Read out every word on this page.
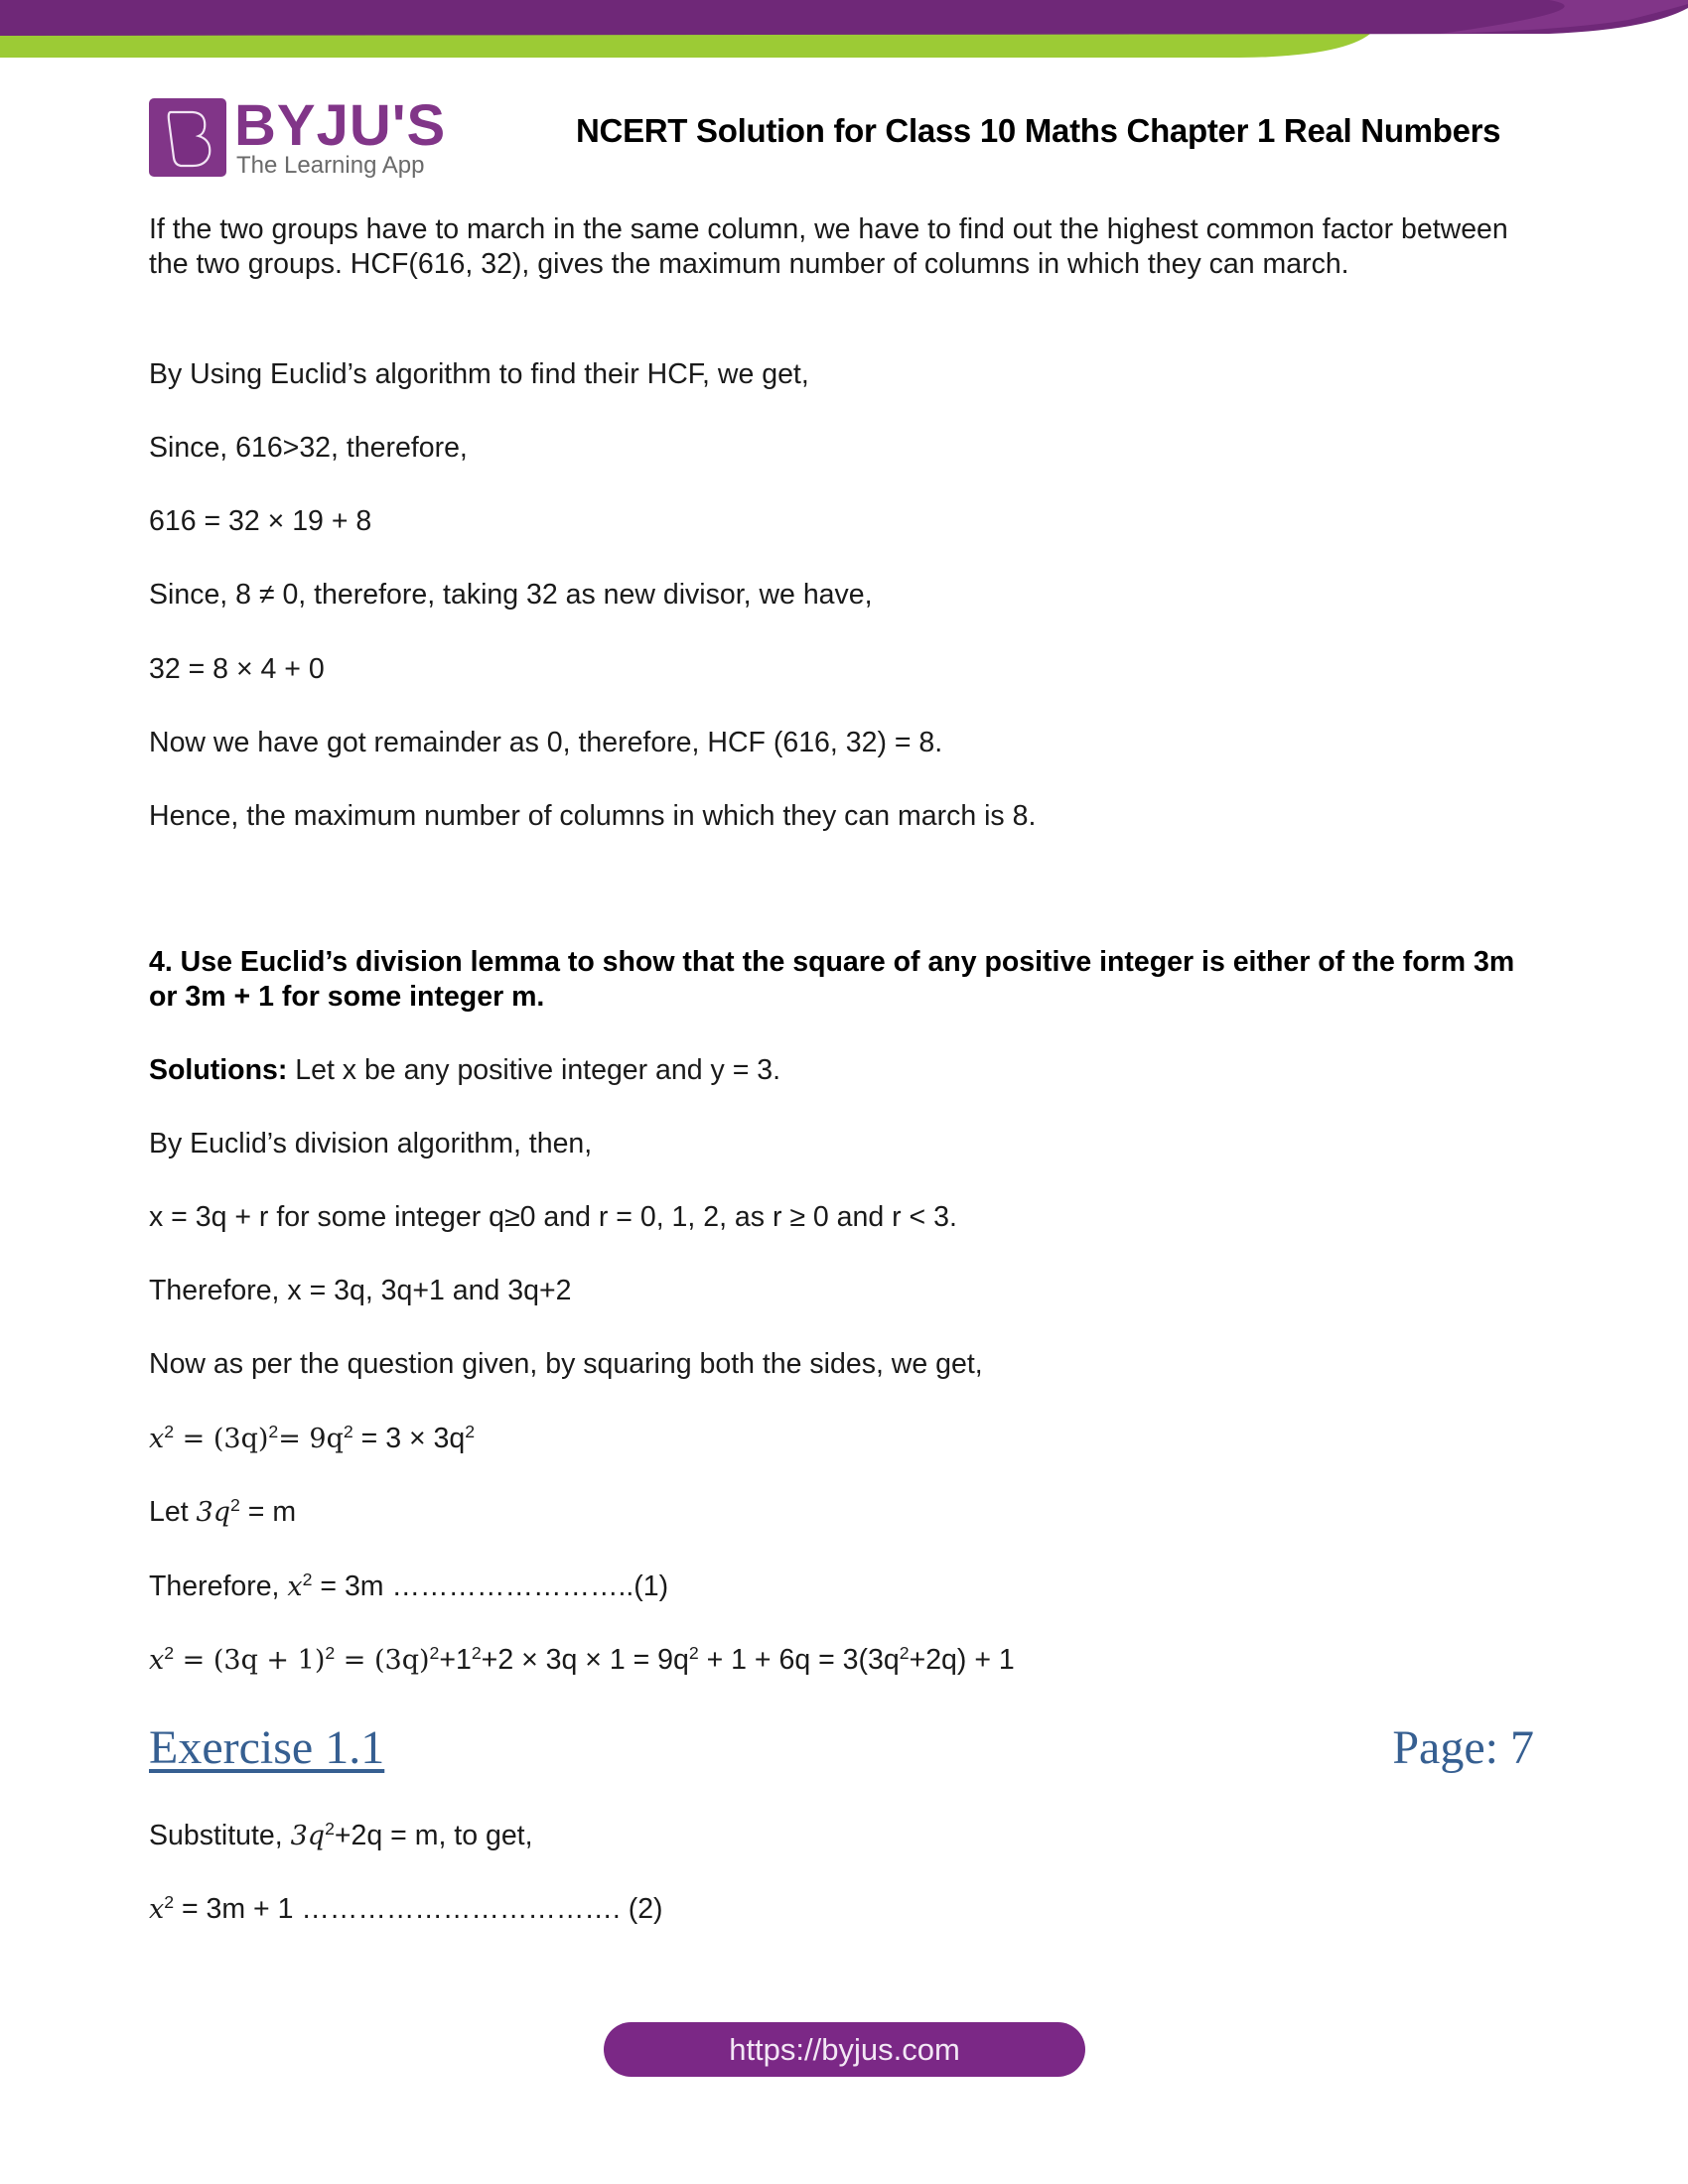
BYJU'S
The Learning App
NCERT Solution for Class 10 Maths Chapter 1 Real Numbers
If the two groups have to march in the same column, we have to find out the highest common factor between the two groups. HCF(616, 32), gives the maximum number of columns in which they can march.
By Using Euclid’s algorithm to find their HCF, we get,
Since, 616>32, therefore,
616 = 32 × 19 + 8
Since, 8 ≠ 0, therefore, taking 32 as new divisor, we have,
32 = 8 × 4 + 0
Now we have got remainder as 0, therefore, HCF (616, 32) = 8.
Hence, the maximum number of columns in which they can march is 8.
4. Use Euclid’s division lemma to show that the square of any positive integer is either of the form 3m or 3m + 1 for some integer m.
Solutions: Let x be any positive integer and y = 3.
By Euclid’s division algorithm, then,
x = 3q + r for some integer q≥0 and r = 0, 1, 2, as r ≥ 0 and r < 3.
Therefore, x = 3q, 3q+1 and 3q+2
Now as per the question given, by squaring both the sides, we get,
$x^2 = (3q)^2= 9q^2 = 3 \times 3q^2$
Let $3q^2 = m$
Therefore, $x^2 = 3m$ ……………………..(1)
$x^2 = (3q + 1)^2 = (3q)^2+1^2+2 \times 3q \times 1 = 9q^2 + 1 + 6q = 3(3q^2+2q) + 1$
Exercise 1.1	Page: 7
Substitute, $3q^2+2q = m$, to get,
$x^2 = 3m + 1$ ……………………………. (2)
https://byjus.com
